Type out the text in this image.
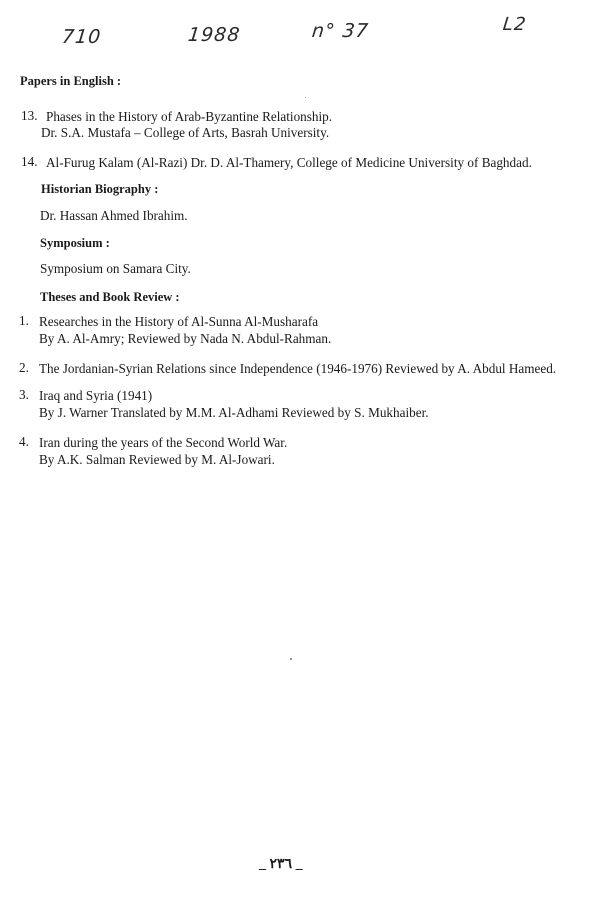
710	1988	n° 37	L2
Papers in English :
13. Phases in the History of Arab-Byzantine Relationship.
Dr. S.A. Mustafa – College of Arts, Basrah University.
14. Al-Furug Kalam (Al-Razi) Dr. D. Al-Thamery, College of Medicine University of Baghdad.
Historian Biography :
Dr. Hassan Ahmed Ibrahim.
Symposium :
Symposium on Samara City.
Theses and Book Review :
1. Researches in the History of Al-Sunna Al-Musharafa
By A. Al-Amry; Reviewed by Nada N. Abdul-Rahman.
2. The Jordanian-Syrian Relations since Independence (1946-1976) Reviewed by A. Abdul Hameed.
3. Iraq and Syria (1941)
By J. Warner Translated by M.M. Al-Adhami Reviewed by S. Mukhaiber.
4. Iran during the years of the Second World War.
By A.K. Salman Reviewed by M. Al-Jowari.
_ ٢٣٦ _
